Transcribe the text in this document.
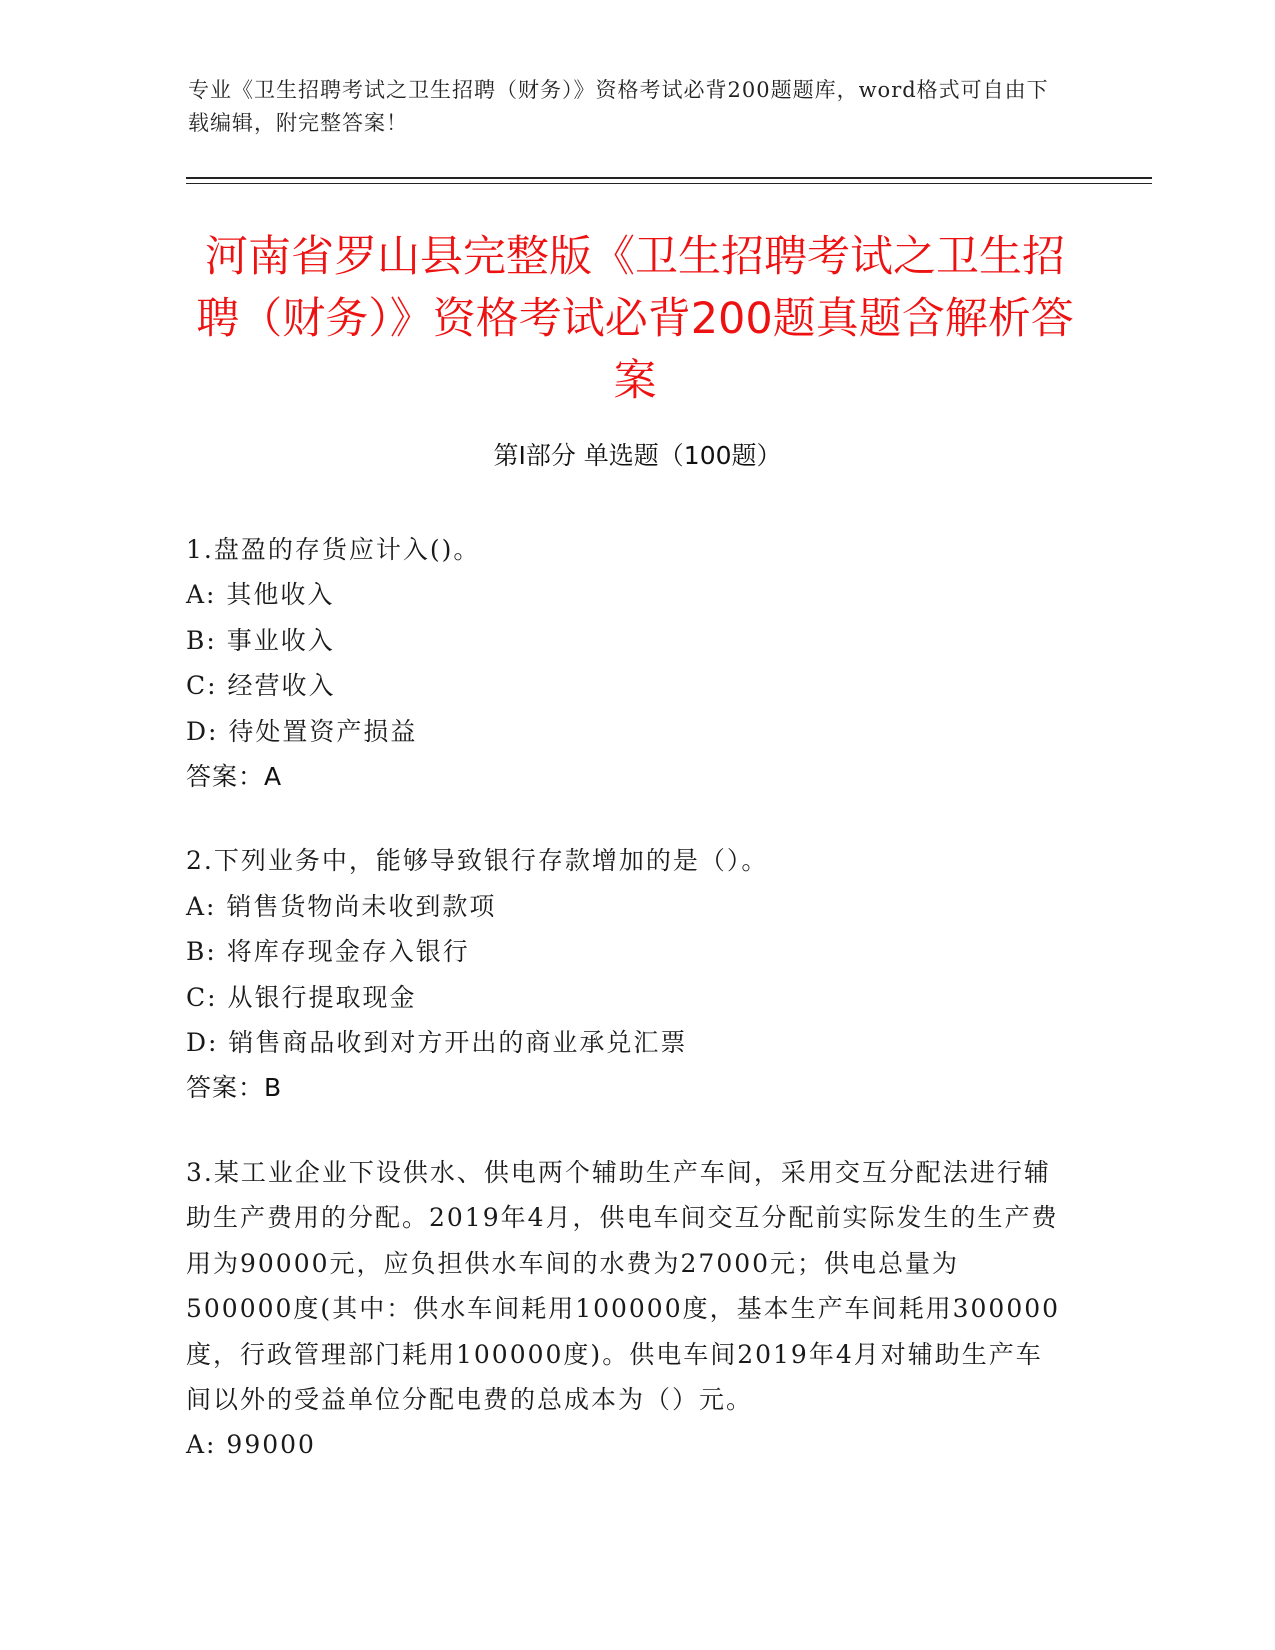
专业《卫生招聘考试之卫生招聘（财务）》资格考试必背200题题库，word格式可自由下载编辑，附完整答案！
河南省罗山县完整版《卫生招聘考试之卫生招聘（财务）》资格考试必背200题真题含解析答案
第I部分 单选题（100题）
1.盘盈的存货应计入()。
A: 其他收入
B: 事业收入
C: 经营收入
D: 待处置资产损益
答案：A
2.下列业务中，能够导致银行存款增加的是（）。
A: 销售货物尚未收到款项
B: 将库存现金存入银行
C: 从银行提取现金
D: 销售商品收到对方开出的商业承兑汇票
答案：B
3.某工业企业下设供水、供电两个辅助生产车间，采用交互分配法进行辅助生产费用的分配。2019年4月，供电车间交互分配前实际发生的生产费用为90000元，应负担供水车间的水费为27000元；供电总量为500000度(其中：供水车间耗用100000度，基本生产车间耗用300000度，行政管理部门耗用100000度)。供电车间2019年4月对辅助生产车间以外的受益单位分配电费的总成本为（）元。
A: 99000
